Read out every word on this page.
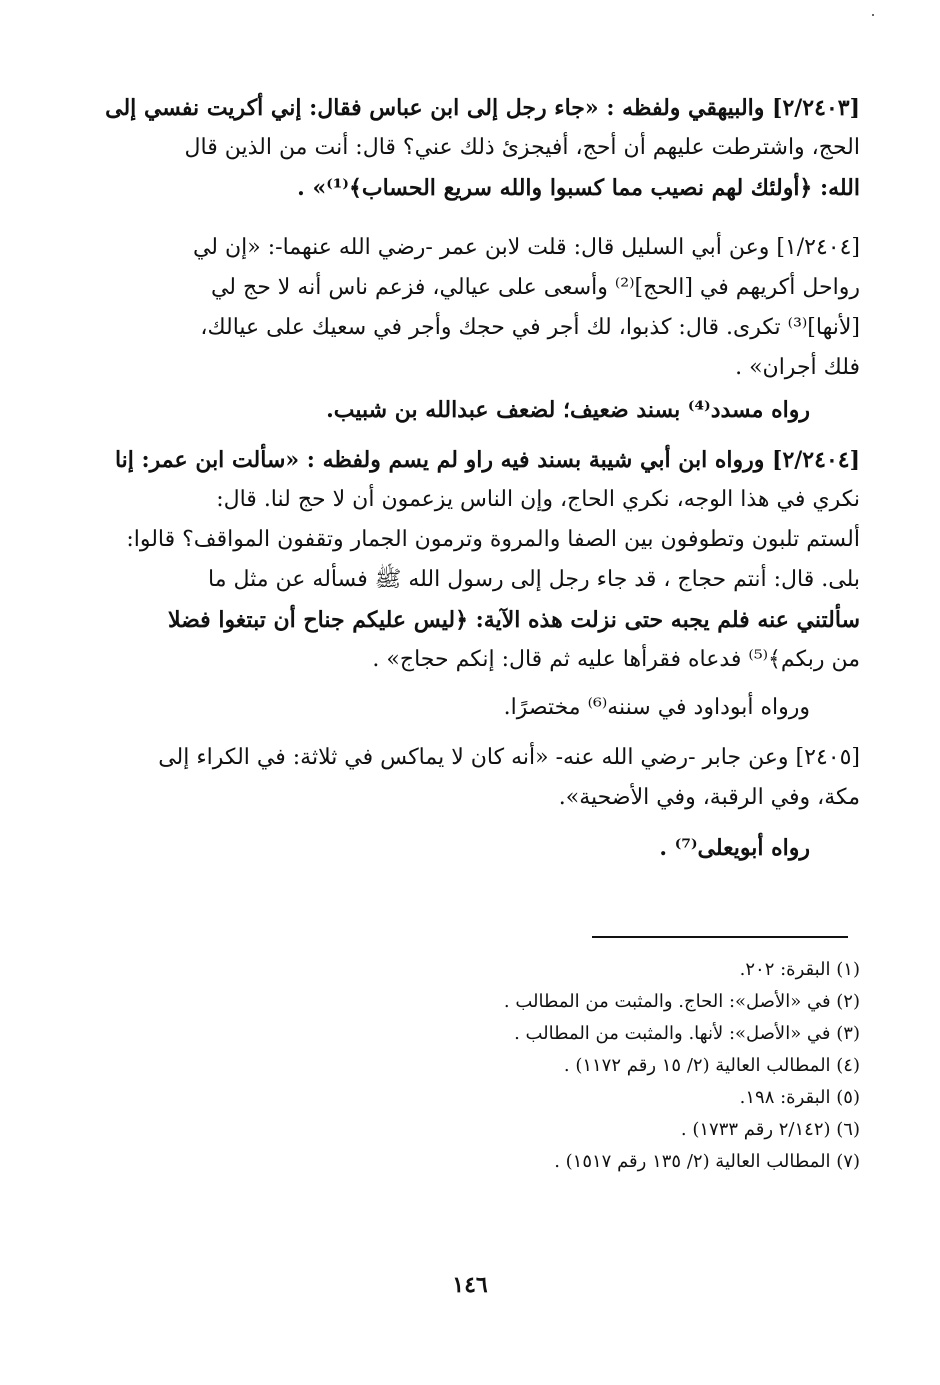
[٢/٢٤٠٣] والبيهقي ولفظه : «جاء رجل إلى ابن عباس فقال: إني أكريت نفسي إلى
الحج، واشترطت عليهم أن أحج، أفيجزئ ذلك عني؟ قال: أنت من الذين قال
الله: ﴿أولئك لهم نصيب مما كسبوا والله سريع الحساب﴾⁽¹⁾» .
[١/٢٤٠٤] وعن أبي السليل قال: قلت لابن عمر -رضي الله عنهما-: «إن لي
رواحل أكريهم في [الحج]⁽²⁾ وأسعى على عيالي، فزعم ناس أنه لا حج لي
[لأنها]⁽³⁾ تكرى. قال: كذبوا، لك أجر في حجك وأجر في سعيك على عيالك،
فلك أجران» .
رواه مسدد⁽⁴⁾ بسند ضعيف؛ لضعف عبدالله بن شبيب.
[٢/٢٤٠٤] ورواه ابن أبي شيبة بسند فيه راو لم يسم ولفظه : «سألت ابن عمر: إنا
نكري في هذا الوجه، نكري الحاج، وإن الناس يزعمون أن لا حج لنا. قال:
ألستم تلبون وتطوفون بين الصفا والمروة وترمون الجمار وتقفون المواقف؟ قالوا:
بلى. قال: أنتم حجاج ، قد جاء رجل إلى رسول الله ﷺ فسأله عن مثل ما
سألتني عنه فلم يجبه حتى نزلت هذه الآية: ﴿ليس عليكم جناح أن تبتغوا فضلا
من ربكم﴾⁽⁵⁾ فدعاه فقرأها عليه ثم قال: إنكم حجاج» .
ورواه أبوداود في سننه⁽⁶⁾ مختصرًا.
[٢٤٠٥] وعن جابر -رضي الله عنه- «أنه كان لا يماكس في ثلاثة: في الكراء إلى
مكة، وفي الرقبة، وفي الأضحية».
رواه أبويعلى⁽⁷⁾ .
(١) البقرة: ٢٠٢.
(٢) في «الأصل»: الحاج. والمثبت من المطالب .
(٣) في «الأصل»: لأنها. والمثبت من المطالب .
(٤) المطالب العالية (٢/ ١٥ رقم ١١٧٢) .
(٥) البقرة: ١٩٨.
(٦) (٢/١٤٢ رقم ١٧٣٣) .
(٧) المطالب العالية (٢/ ١٣٥ رقم ١٥١٧) .
١٤٦
